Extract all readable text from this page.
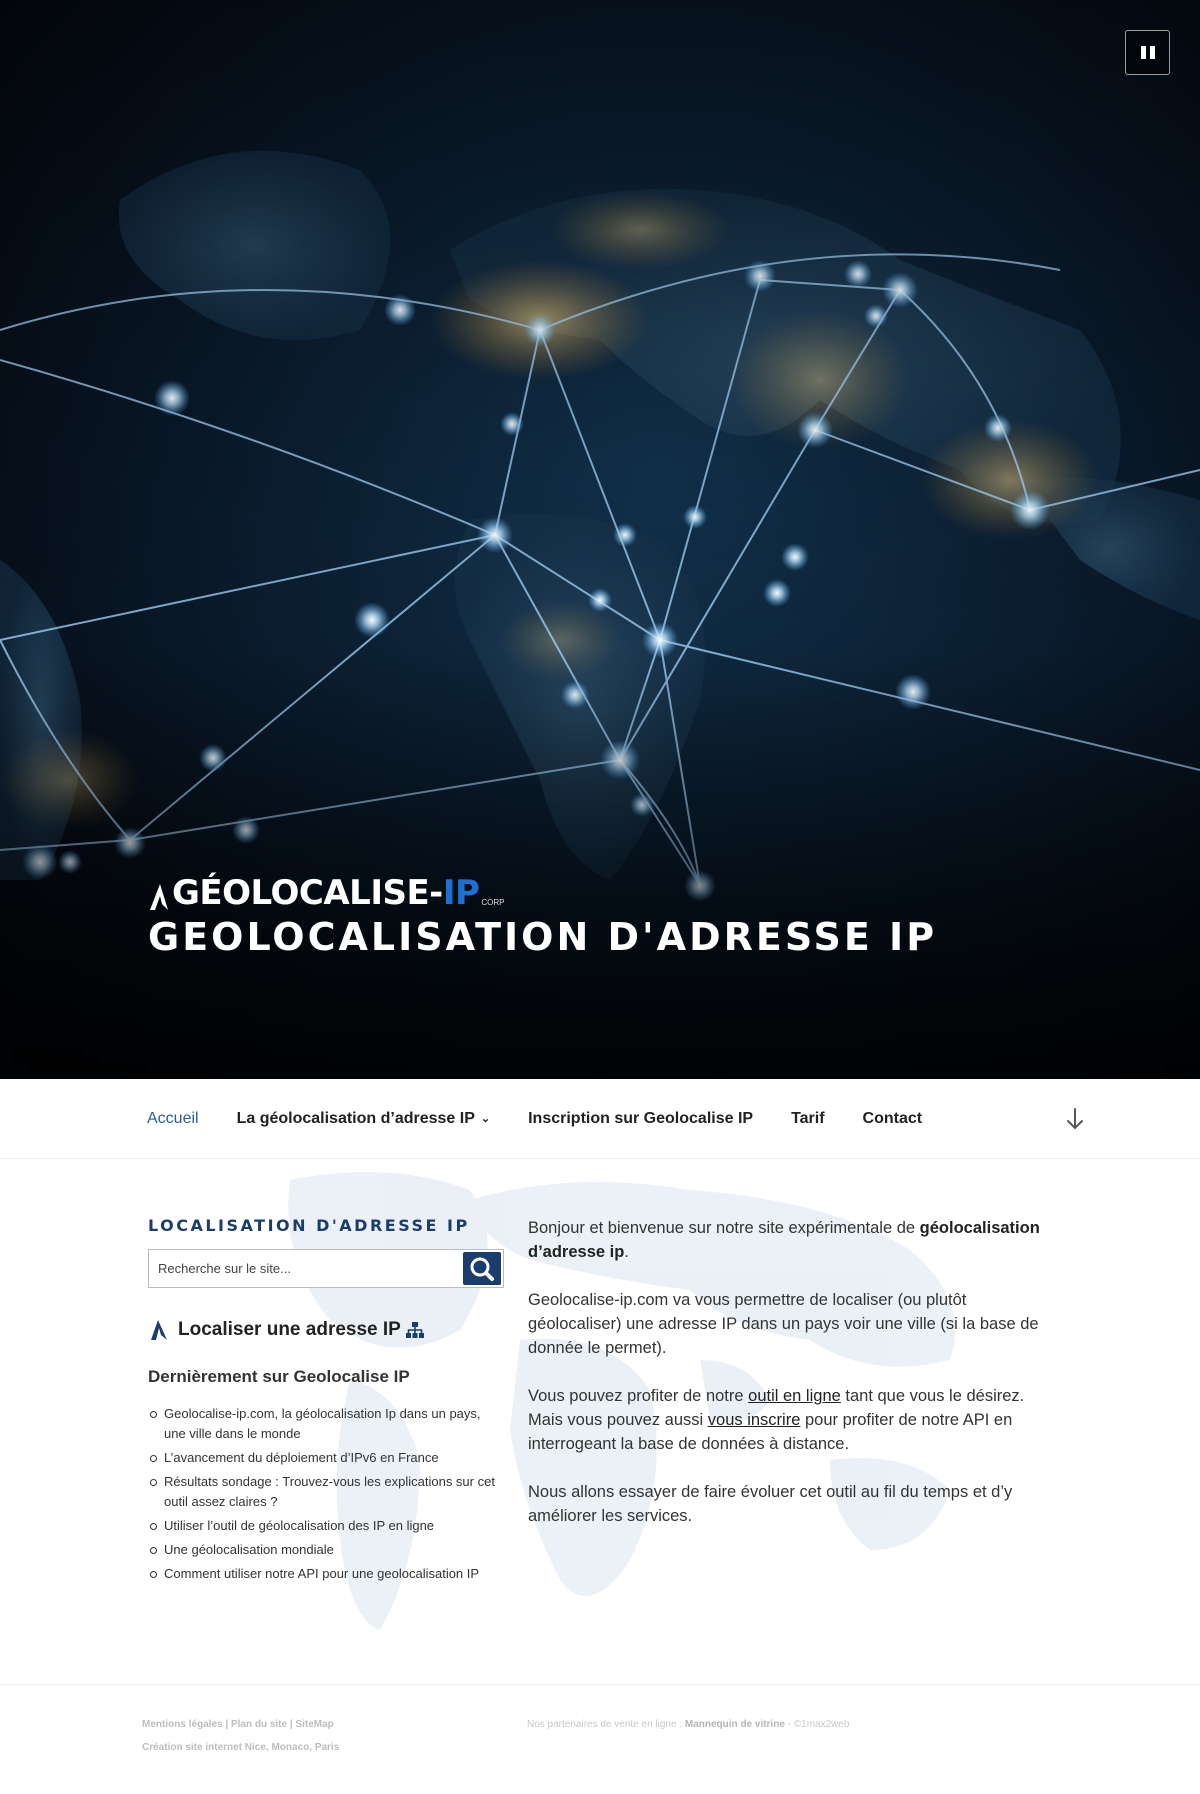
GÉOLOCALISE-IP CORP
GEOLOCALISATION D'ADRESSE IP
Accueil La géolocalisation d’adresse IP ⌄ Inscription sur Geolocalise IP Tarif Contact
LOCALISATION D'ADRESSE IP
Recherche sur le site...
Localiser une adresse IP
Dernièrement sur Geolocalise IP
Geolocalise-ip.com, la géolocalisation Ip dans un pays, une ville dans le monde
L’avancement du déploiement d’IPv6 en France
Résultats sondage : Trouvez-vous les explications sur cet outil assez claires ?
Utiliser l’outil de géolocalisation des IP en ligne
Une géolocalisation mondiale
Comment utiliser notre API pour une geolocalisation IP

Bonjour et bienvenue sur notre site expérimentale de géolocalisation d’adresse ip.

Geolocalise-ip.com va vous permettre de localiser (ou plutôt géolocaliser) une adresse IP dans un pays voir une ville (si la base de donnée le permet).

Vous pouvez profiter de notre outil en ligne tant que vous le désirez. Mais vous pouvez aussi vous inscrire pour profiter de notre API en interrogeant la base de données à distance.

Nous allons essayer de faire évoluer cet outil au fil du temps et d’y améliorer les services.

Mentions légales | Plan du site | SiteMap
Création site internet Nice, Monaco, Paris
Nos partenaires de vente en ligne : Mannequin de vitrine - ©1max2web
